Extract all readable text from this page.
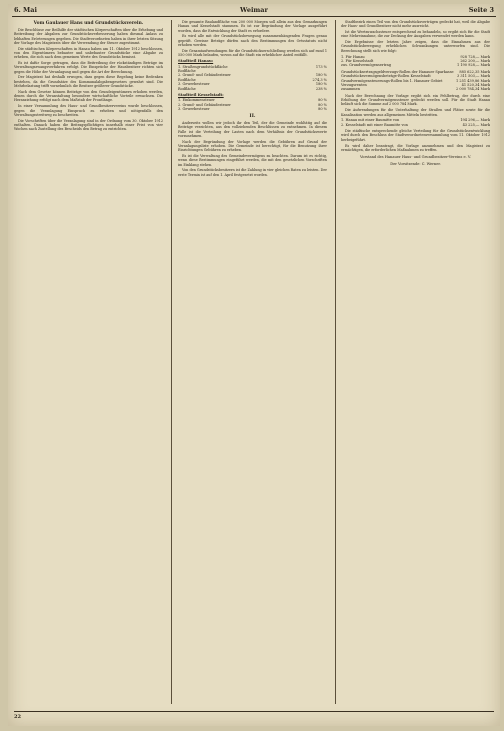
6. Mai	Weimar	Seite 3
Vom Gaulauer Hans und Grundstücksverein.

Die Beschlüsse zur Beilhilfe der städtischen Körperschaften über die Erhebung und Beitreibung der Abgaben zur Grundstücksverbesserung haben diesmal Anlass zu lebhaften Erörterungen gegeben. Die Stadtverordneten haben in ihrer letzten Sitzung der Vorlage des Magistrats über die Verwendung der Steuer zugestimmt.

Die städtischen Körperschaften in Hanau haben am 11. Oktober 1912 beschlossen, von den Eigentümern bebauter und unbebauter Grundstücke eine Abgabe zu erheben, die sich nach dem gemeinen Werte des Grundstücks bemisst.

Es ist dafür Sorge getragen, dass die Beitreibung der rückständigen Beträge im Verwaltungszwangsverfahren erfolgt. Die Einsprüche der Hausbesitzer richten sich gegen die Höhe der Veranlagung und gegen die Art der Berechnung.

Der Magistrat hat deshalb erwogen, dass gegen diese Regelung keine Bedenken bestehen, da die Grundsätze des Kommunalabgabengesetzes gewahrt sind. Die Mehrbelastung trifft vornehmlich die Besitzer größerer Grundstücke.

Nach dem Gesetze können Beiträge von den Grundeigentümern erhoben werden, denen durch die Veranstaltung besondere wirtschaftliche Vorteile erwachsen. Die Heranziehung erfolgt nach dem Maßstab der Frontlänge.

In einer Versammlung des Haus- und Grundbesitzervereins wurde beschlossen, gegen die Veranlagung Einspruch zu erheben und nötigenfalls den Verwaltungsstreitweg zu beschreiten.

Die Vorschriften über die Veranlagung sind in der Ordnung vom 30. Oktober 1912 enthalten. Danach haben die Beitragspflichtigen innerhalb einer Frist von vier Wochen nach Zustellung des Bescheids den Betrag zu entrichten.

Die gesamte Baulandfläche von 200 000 Morgen soll allein aus den Gemarkungen Hanau und Kesselstadt stammen. Es ist zur Begründung der Vorlage ausgeführt worden, dass die Entwicklung der Stadt es erfordere.

Es wird alle mit der Grundstücksbewegung zusammenhängenden Fragen genau geprüft. Gewisse Beträge dürfen nach den Bestimmungen des Ortsstatuts nicht erhoben werden.

Die Gesamtaufwendungen für die Grundstückserschließung werden sich auf rund 1 550 000 Mark belaufen, wovon auf die Stadt ein erheblicher Anteil entfällt.

Stadtteil Hanau:
1. Straßengrundstückfläche	173 %
Rodfläche	
2. Grund- und Gebäudesteuer	180 %
Rodfläche	274,3 %
3. Gewerbesteuer	180 %
Rodfläche	238 %
Stadtteil Kesselstadt:
1. Einkommensteuer	80 %
2. Grund- und Gebäudesteuer	80 %
3. Gewerbesteuer	80 %
II.

Anderseits wollen wir jedoch ihr den Teil, der die Gemeinde wohltätig auf die Beiträge verzichten, aus den vollziehenden Beschlüssen zu entnehmen. In diesem Falle ist die Verteilung der Lasten nach dem Verhältnis der Grundstückswerte vorzunehmen.

Nach der Begründung der Vorlage werden die Gebühren auf Grund der Veranlagungsliste erhoben. Die Gemeinde ist berechtigt, für die Benutzung ihrer Einrichtungen Gebühren zu erheben.

Es ist die Verwaltung des Gemeindevermögens zu beachten. Darum ist es richtig, wenn diese Bestimmungen eingeführt werden, die mit den gesetzlichen Vorschriften im Einklang stehen.

Von den Grundstücksbesitzern ist die Zahlung in vier gleichen Raten zu leisten. Der erste Termin ist auf den 1. April festgesetzt worden.

Stadtbezirk einen Teil von den Grundstücksverträgen gedeckt hat, weil die Abgabe der Haus- und Grundbesitzer nicht mehr ausreicht.

Ist die Wertzuwachssteuer entsprechend zu behandeln, so ergibt sich für die Stadt eine Mehreinnahme, die zur Deckung der Ausgaben verwendet werden kann.

Die Ergebnisse der letzten Jahre zeigen, dass die Einnahmen aus der Grundstücksbewegung erheblichen Schwankungen unterworfen sind. Die Berechnung stellt sich wie folgt:

1. Für Hanau	928 728,— Mark
2. Für Kesselstadt	262 200,— Mark
zus. Grundvermögensertrag	1 190 928,— Mark
Grundstücksertragsgeldverzugs-Rollen der Hanauer Sparkasse	885 622,35 Mark
Grundstücksvermögensbeträge-Rollen Kesselstadt	3 311 503,— Mark
Grundvermögensteuerungs-Rollen bis 1. Hanauer Gebiet	1 251 439,86 Mark
Verzugsrenten	41 520,34 Mark
zusammen	2 000 784,34 Mark

Nach der Berechnung der Vorlage ergibt sich ein Fehlbetrag, der durch eine Erhöhung der Grundvermögenssteuer gedeckt werden soll. Für die Stadt Hanau beläuft sich die Summe auf 2 000 784 Mark.

Die Aufwendungen für die Unterhaltung der Straßen und Plätze sowie für die Kanalisation werden aus allgemeinen Mitteln bestritten.

1. Hanau mit einer Baumitte von	194 296,— Mark
2. Kesselstadt mit einer Baumitte von	43 225,— Mark

Die städtische entsprechende gleiche Verteilung für die Grundstücksentwicklung wird durch den Beschluss der Stadtverordnetenversammlung vom 11. Oktober 1912 herbeigeführt.

Es wird daher beantragt, die Vorlage anzunehmen und den Magistrat zu ermächtigen, die erforderlichen Maßnahmen zu treffen.

Vorstand des Hanauer Haus- und Grundbesitzer-Vereins e. V.
Der Vorsitzende: C. Werner.
22
